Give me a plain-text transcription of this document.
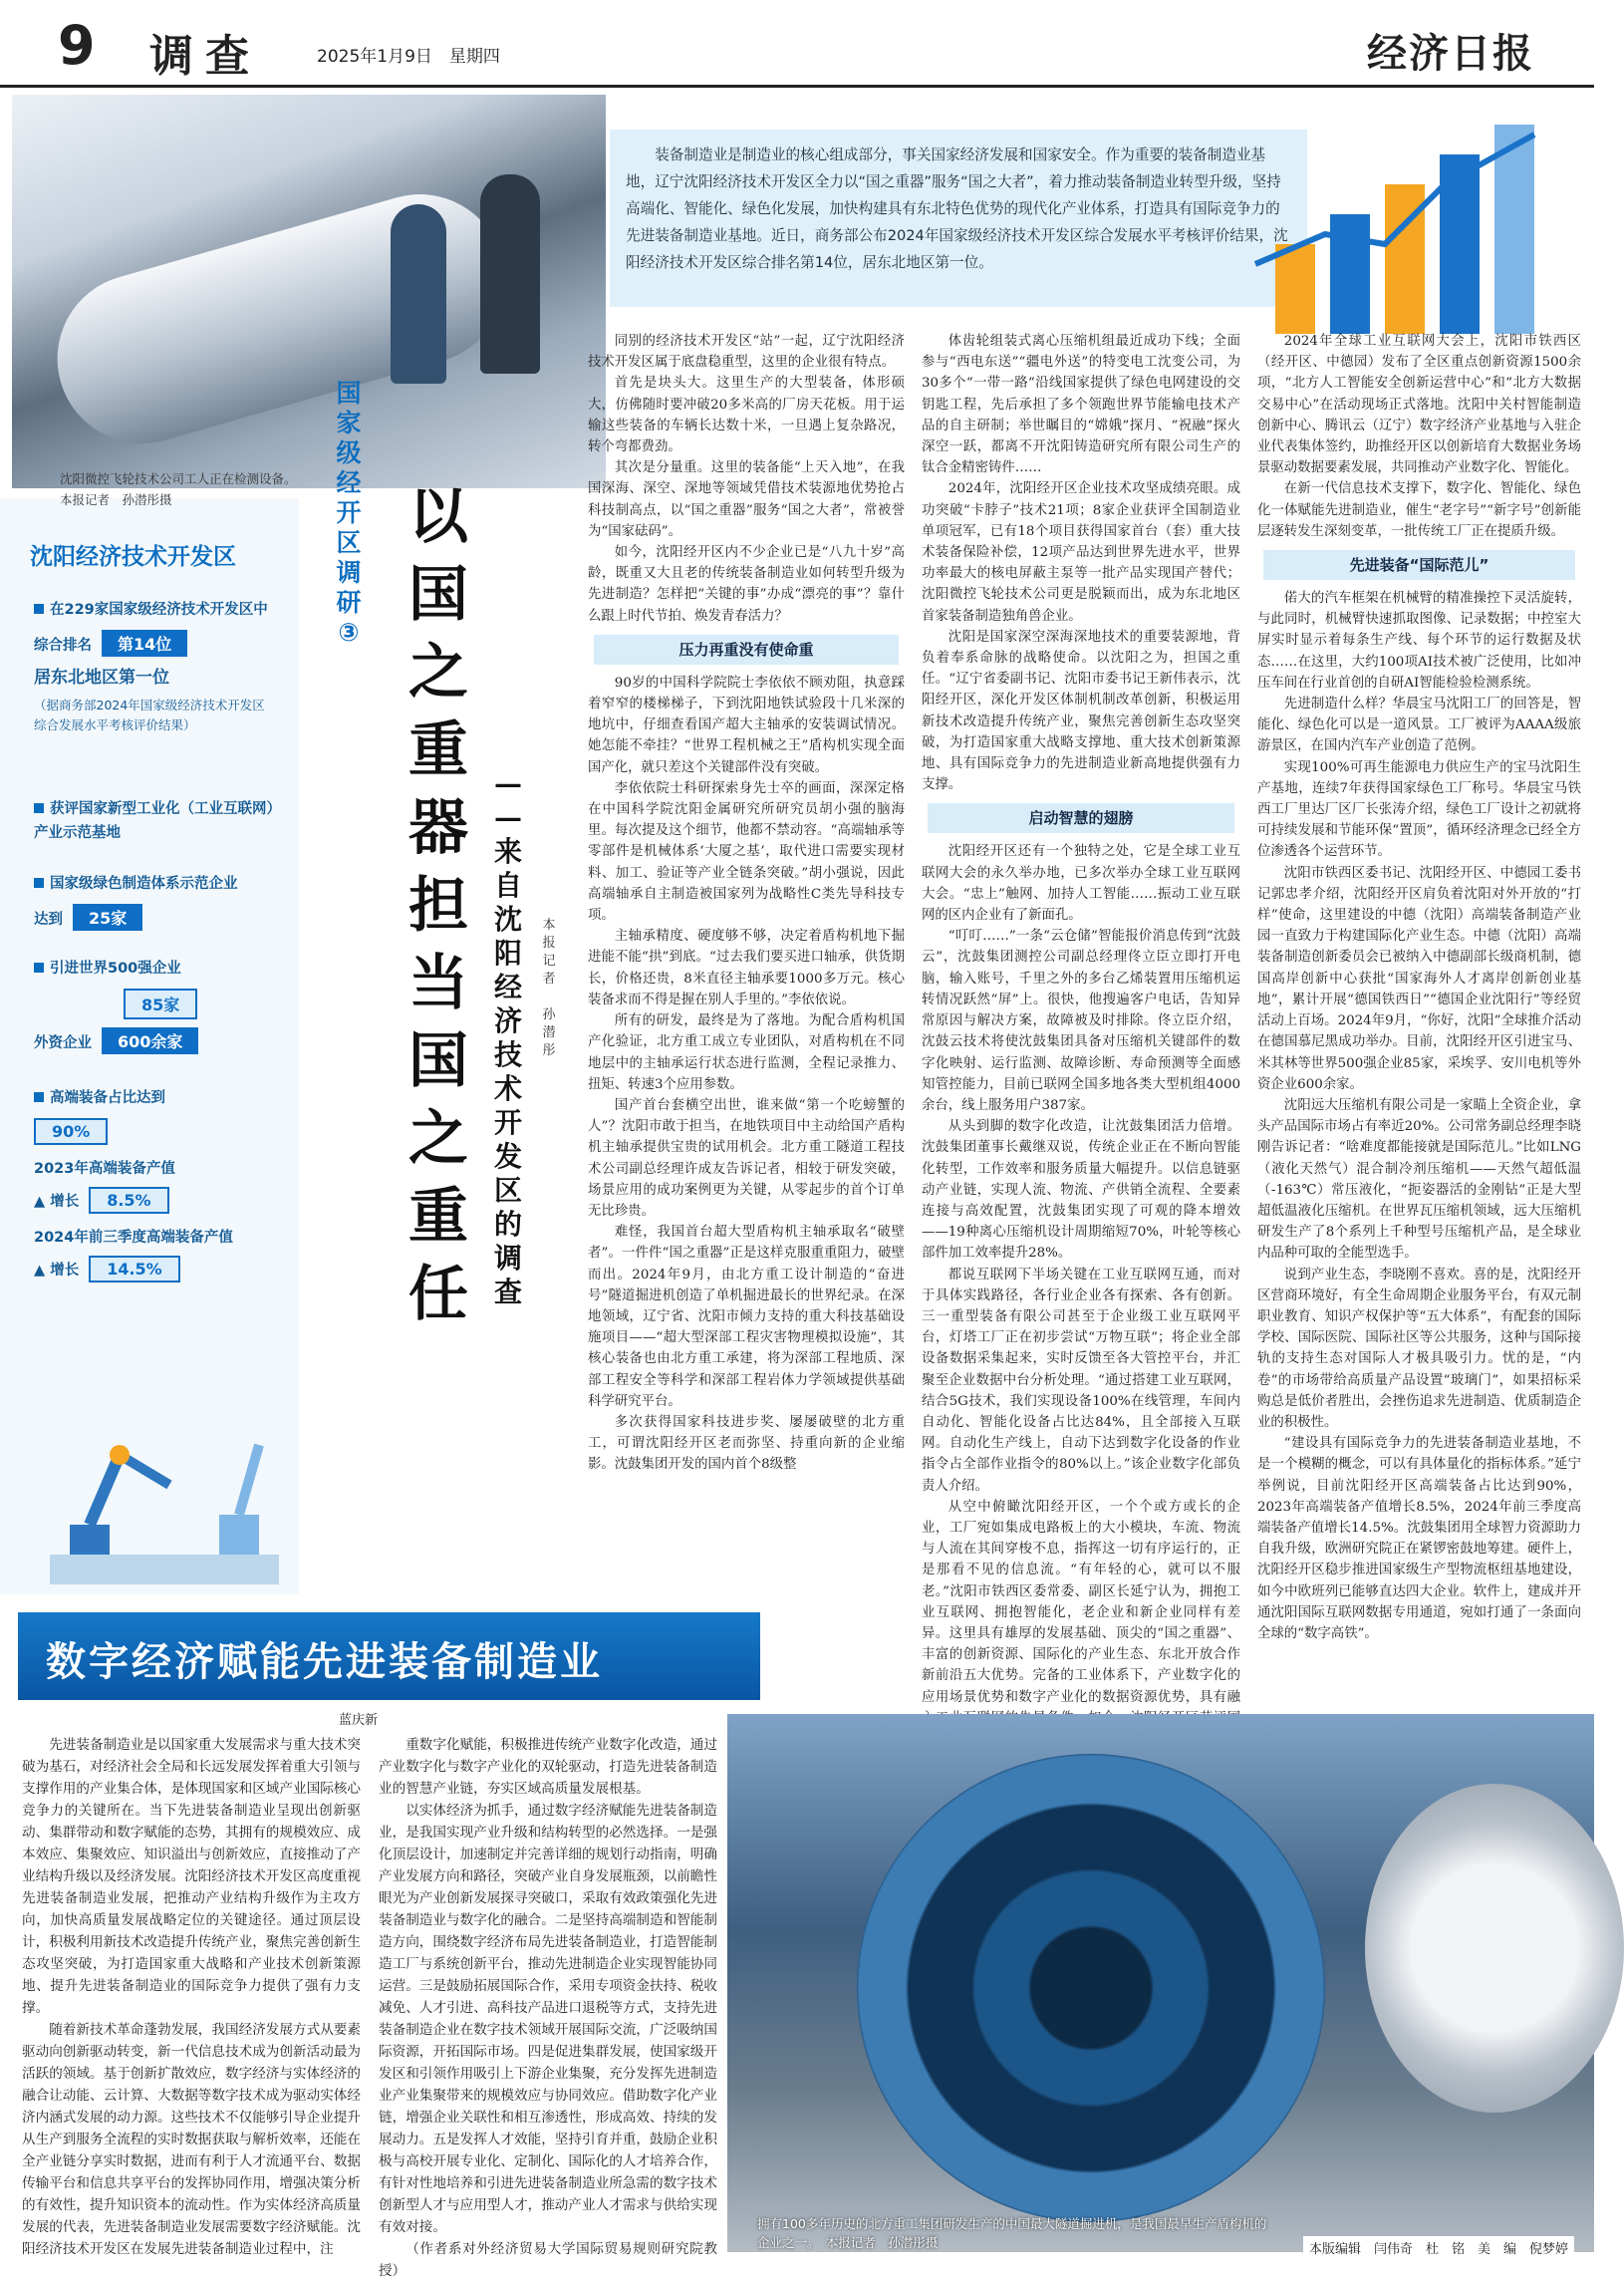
9 调查	2025年1月9日　星期四	经济日报

装备制造业是制造业的核心组成部分，事关国家经济发展和国家安全。作为重要的装备制造业基地，辽宁沈阳经济技术开发区全力以“国之重器”服务“国之大者”，着力推动装备制造业转型升级，坚持高端化、智能化、绿色化发展，加快构建具有东北特色优势的现代化产业体系，打造具有国际竞争力的先进装备制造业基地。近日，商务部公布2024年国家级经济技术开发区综合发展水平考核评价结果，沈阳经济技术开发区综合排名第14位，居东北地区第一位。

沈阳微控飞轮技术公司工人正在检测设备。　本报记者　孙潜彤摄
沈阳经济技术开发区
在229家国家级经济技术开发区中
综合排名 第14位
居东北地区第一位
（据商务部2024年国家级经济技术开发区综合发展水平考核评价结果）
获评国家新型工业化（工业互联网）产业示范基地
国家级绿色制造体系示范企业
达到 25家
引进世界500强企业
85家
外资企业 600余家
高端装备占比达到
90%
2023年高端装备产值
▲ 增长 8.5%
2024年前三季度高端装备产值
▲ 增长 14.5%
国
家
级
经
开
区
调
研
③
以
国
之
重
器
担
当
国
之
重
任
—
—
来
自
沈
阳
经
济
技
术
开
发
区
的
调
查
本
报
记
者

孙
潜
彤

同别的经济技术开发区“站”一起，辽宁沈阳经济技术开发区属于底盘稳重型，这里的企业很有特点。

首先是块头大。这里生产的大型装备，体形硕大，仿佛随时要冲破20多米高的厂房天花板。用于运输这些装备的车辆长达数十米，一旦遇上复杂路况，转个弯都费劲。

其次是分量重。这里的装备能“上天入地”，在我国深海、深空、深地等领域凭借技术装源地优势抢占科技制高点，以“国之重器”服务“国之大者”，常被誉为“国家砝码”。

如今，沈阳经开区内不少企业已是“八九十岁”高龄，既重又大且老的传统装备制造业如何转型升级为先进制造？怎样把“关键的事”办成“漂亮的事”？靠什么跟上时代节拍、焕发青春活力？

压力再重没有使命重

90岁的中国科学院院士李依依不顾劝阻，执意踩着窄窄的楼梯梯子，下到沈阳地铁试验段十几米深的地坑中，仔细查看国产超大主轴承的安装调试情况。她怎能不牵挂？“世界工程机械之王”盾构机实现全面国产化，就只差这个关键部件没有突破。

李依依院士科研探索身先士卒的画面，深深定格在中国科学院沈阳金属研究所研究员胡小强的脑海里。每次提及这个细节，他都不禁动容。“高端轴承等零部件是机械体系‘大厦之基’，取代进口需要实现材料、加工、验证等产业全链条突破。”胡小强说，因此高端轴承自主制造被国家列为战略性C类先导科技专项。

主轴承精度、硬度够不够，决定着盾构机地下掘进能不能“拱”到底。“过去我们要买进口轴承，供货期长，价格还贵，8米直径主轴承要1000多万元。核心装备求而不得是握在别人手里的。”李依依说。

所有的研发，最终是为了落地。为配合盾构机国产化验证，北方重工成立专业团队，对盾构机在不同地层中的主轴承运行状态进行监测，全程记录推力、扭矩、转速3个应用参数。

国产首台套横空出世，谁来做“第一个吃螃蟹的人”？沈阳市敢于担当，在地铁项目中主动给国产盾构机主轴承提供宝贵的试用机会。北方重工隧道工程技术公司副总经理许成友告诉记者，相较于研发突破，场景应用的成功案例更为关键，从零起步的首个订单无比珍贵。

难怪，我国首台超大型盾构机主轴承取名“破壁者”。一件件“国之重器”正是这样克服重重阻力，破壁而出。2024年9月，由北方重工设计制造的“奋进号”隧道掘进机创造了单机掘进最长的世界纪录。在深地领域，辽宁省、沈阳市倾力支持的重大科技基础设施项目——“超大型深部工程灾害物理模拟设施”，其核心装备也由北方重工承建，将为深部工程地质、深部工程安全等科学和深部工程岩体力学领域提供基础科学研究平台。

多次获得国家科技进步奖、屡屡破壁的北方重工，可谓沈阳经开区老而弥坚、持重向新的企业缩影。沈鼓集团开发的国内首个8级整

体齿轮组装式离心压缩机组最近成功下线；全面参与“西电东送”“疆电外送”的特变电工沈变公司，为30多个“一带一路”沿线国家提供了绿色电网建设的交钥匙工程，先后承担了多个领跑世界节能输电技术产品的自主研制；举世瞩目的“嫦娥”探月、“祝融”探火深空一跃，都离不开沈阳铸造研究所有限公司生产的钛合金精密铸件……

2024年，沈阳经开区企业技术攻坚成绩亮眼。成功突破“卡脖子”技术21项；8家企业获评全国制造业单项冠军，已有18个项目获得国家首台（套）重大技术装备保险补偿，12项产品达到世界先进水平，世界功率最大的核电屏蔽主泵等一批产品实现国产替代；沈阳微控飞轮技术公司更是脱颖而出，成为东北地区首家装备制造独角兽企业。

沈阳是国家深空深海深地技术的重要装源地，背负着奉系命脉的战略使命。以沈阳之为，担国之重任。“辽宁省委副书记、沈阳市委书记王新伟表示，沈阳经开区，深化开发区体制机制改革创新，积极运用新技术改造提升传统产业，聚焦完善创新生态攻坚突破，为打造国家重大战略支撑地、重大技术创新策源地、具有国际竞争力的先进制造业新高地提供强有力支撑。

启动智慧的翅膀

沈阳经开区还有一个独特之处，它是全球工业互联网大会的永久举办地，已多次举办全球工业互联网大会。“忠上”触网、加持人工智能……振动工业互联网的区内企业有了新面孔。

“叮叮……”一条“云仓储”智能报价消息传到“沈鼓云”，沈鼓集团测控公司副总经理佟立臣立即打开电脑，输入账号，千里之外的多台乙烯装置用压缩机运转情况跃然“屏”上。很快，他搜遍客户电话，告知异常原因与解决方案，故障被及时排除。佟立臣介绍，沈鼓云技术将使沈鼓集团具备对压缩机关键部件的数字化映射、运行监测、故障诊断、寿命预测等全面感知管控能力，目前已联网全国多地各类大型机组4000余台，线上服务用户387家。

从头到脚的数字化改造，让沈鼓集团活力倍增。沈鼓集团董事长戴继双说，传统企业正在不断向智能化转型，工作效率和服务质量大幅提升。以信息链驱动产业链，实现人流、物流、产供销全流程、全要素连接与高效配置，沈鼓集团实现了可观的降本增效——19种离心压缩机设计周期缩短70%，叶轮等核心部件加工效率提升28%。

都说互联网下半场关键在工业互联网互通，而对于具体实践路径，各行业企业各有探索、各有创新。三一重型装备有限公司甚至于企业级工业互联网平台，灯塔工厂正在初步尝试“万物互联”；将企业全部设备数据采集起来，实时反馈至各大管控平台，并汇聚至企业数据中台分析处理。“通过搭建工业互联网，结合5G技术，我们实现设备100%在线管理，车间内自动化、智能化设备占比达84%，且全部接入互联网。自动化生产线上，自动下达到数字化设备的作业指令占全部作业指令的80%以上。”该企业数字化部负责人介绍。

从空中俯瞰沈阳经开区，一个个或方或长的企业，工厂宛如集成电路板上的大小模块，车流、物流与人流在其间穿梭不息，指挥这一切有序运行的，正是那看不见的信息流。“有年轻的心，就可以不服老。”沈阳市铁西区委常委、副区长延宁认为，拥抱工业互联网、拥抱智能化，老企业和新企业同样有差异。这里具有雄厚的发展基础、顶尖的“国之重器”、丰富的创新资源、国际化的产业生态、东北开放合作新前沿五大优势。完备的工业体系下，产业数字化的应用场景优势和数字产业化的数据资源优势，具有融

2024年全球工业互联网大会上，沈阳市铁西区（经开区、中德园）发布了全区重点创新资源1500余项，“北方人工智能安全创新运营中心”和“北方大数据交易中心”在活动现场正式落地。沈阳中关村智能制造创新中心、腾讯云（辽宁）数字经济产业基地与入驻企业代表集体签约，助推经开区以创新培育大数据业务场景驱动数据要素发展，共同推动产业数字化、智能化。

在新一代信息技术支撑下，数字化、智能化、绿色化一体赋能先进制造业，催生“老字号”“新字号”创新能层逐转发生深刻变革，一批传统工厂正在提质升级。

先进装备“国际范儿”

偌大的汽车框架在机械臂的精准操控下灵活旋转，与此同时，机械臂快速抓取图像、记录数据；中控室大屏实时显示着每条生产线、每个环节的运行数据及状态……在这里，大约100项AI技术被广泛使用，比如冲压车间在行业首创的自研AI智能检验检测系统。

先进制造什么样？华晨宝马沈阳工厂的回答是，智能化、绿色化可以是一道风景。工厂被评为AAAA级旅游景区，在国内汽车产业创造了范例。

实现100%可再生能源电力供应生产的宝马沈阳生产基地，连续7年获得国家绿色工厂称号。华晨宝马铁西工厂里达厂区厂长张涛介绍，绿色工厂设计之初就将可持续发展和节能环保“置顶”，循环经济理念已经全方位渗透各个运营环节。

沈阳市铁西区委书记、沈阳经开区、中德园工委书记郭忠孝介绍，沈阳经开区肩负着沈阳对外开放的“打样”使命，这里建设的中德（沈阳）高端装备制造产业园一直致力于构建国际化产业生态。中德（沈阳）高端装备制造创新委员会已被纳入中德副部长级商机制，德国高岸创新中心获批“国家海外人才离岸创新创业基地”，累计开展“德国铁西日”“德国企业沈阳行”等经贸活动上百场。2024年9月，“你好，沈阳”全球推介活动在德国慕尼黑成功举办。目前，沈阳经开区引进宝马、米其林等世界500强企业85家，采埃孚、安川电机等外资企业600余家。

沈阳远大压缩机有限公司是一家瞄上全资企业，拿头产品国际市场占有率近20%。公司常务副总经理李晓刚告诉记者：“啥难度都能接就是国际范儿。”比如LNG（液化天然气）混合制冷剂压缩机——天然气超低温（-163℃）常压液化，“扼姿器活的金刚钻”正是大型超低温液化压缩机。在世界瓦压缩机领域，远大压缩机研发生产了8个系列上千种型号压缩机产品，是全球业内品种可取的全能型选手。

说到产业生态，李晓刚不喜欢。喜的是，沈阳经开区营商环境好，有全生命周期企业服务平台，有双元制职业教育、知识产权保护等“五大体系”，有配套的国际学校、国际医院、国际社区等公共服务，这种与国际接轨的支持生态对国际人才极具吸引力。忧的是，“内卷”的市场带给高质量产品设置“玻璃门”，如果招标采购总是低价者胜出，会挫伤追求先进制造、优质制造企业的积极性。

“建设具有国际竞争力的先进装备制造业基地，不是一个模糊的概念，可以有具体量化的指标体系。”延宁举例说，目前沈阳经开区高端装备占比达到90%，2023年高端装备产值增长8.5%，2024年前三季度高端装备产值增长14.5%。沈鼓集团用全球智力资源助力自我升级，欧洲研究院正在紧锣密鼓地筹建。硬件上，沈阳经开区稳步推进国家级生产型物流枢纽基地建设，如今中欧班列已能够直达四大企业。软件上，建成并开通沈阳国际互联网数据专用通道，宛如打通了一条面向全球的“数字高铁”。

数字经济赋能先进装备制造业
蓝庆新

先进装备制造业是以国家重大发展需求与重大技术突破为基石，对经济社会全局和长远发展发挥着重大引领与支撑作用的产业集合体，是体现国家和区域产业国际核心竞争力的关键所在。当下先进装备制造业呈现出创新驱动、集群带动和数字赋能的态势，其拥有的规模效应、成本效应、集聚效应、知识溢出与创新效应，直接推动了产业结构升级以及经济发展。沈阳经济技术开发区高度重视先进装备制造业发展，把推动产业结构升级作为主攻方向，加快高质量发展战略定位的关键途径。通过顶层设计，积极利用新技术改造提升传统产业，聚焦完善创新生态攻坚突破，为打造国家重大战略和产业技术创新策源地、提升先进装备制造业的国际竞争力提供了强有力支撑。

随着新技术革命蓬勃发展，我国经济发展方式从要素驱动向创新驱动转变，新一代信息技术成为创新活动最为活跃的领域。基于创新扩散效应，数字经济与实体经济的融合让动能、云计算、大数据等数字技术成为驱动实体经济内涵式发展的动力源。这些技术不仅能够引导企业提升从生产到服务全流程的实时数据获取与解析效率，还能在全产业链分享实时数据，进而有利于人才流通平台、数据传输平台和信息共享平台的发挥协同作用，增强决策分析的有效性，提升知识资本的流动性。作为实体经济高质量发展的代表，先进装备制造业发展需要数字经济赋能。沈阳经济技术开发区在发展先进装备制造业过程中，注

重数字化赋能，积极推进传统产业数字化改造，通过产业数字化与数字产业化的双轮驱动，打造先进装备制造业的智慧产业链，夯实区域高质量发展根基。

以实体经济为抓手，通过数字经济赋能先进装备制造业，是我国实现产业升级和结构转型的必然选择。一是强化顶层设计，加速制定并完善详细的规划行动指南，明确产业发展方向和路径，突破产业自身发展瓶颈，以前瞻性眼光为产业创新发展探寻突破口，采取有效政策强化先进装备制造业与数字化的融合。二是坚持高端制造和智能制造方向，围绕数字经济布局先进装备制造业，打造智能制造工厂与系统创新平台，推动先进制造企业实现智能协同运营。三是鼓励拓展国际合作，采用专项资金扶持、税收减免、人才引进、高科技产品进口退税等方式，支持先进装备制造企业在数字技术领域开展国际交流，广泛吸纳国际资源，开拓国际市场。四是促进集群发展，使国家级开发区和引领作用吸引上下游企业集聚，充分发挥先进制造业产业集聚带来的规模效应与协同效应。借助数字化产业链，增强企业关联性和相互渗透性，形成高效、持续的发展动力。五是发挥人才效能，坚持引育并重，鼓励企业积极与高校开展专业化、定制化、国际化的人才培养合作，有针对性地培养和引进先进装备制造业所急需的数字技术创新型人才与应用型人才，推动产业人才需求与供给实现有效对接。

（作者系对外经济贸易大学国际贸易规则研究院教授）

拥有100多年历史的北方重工集团研发生产的中国最大隧道掘进机，是我国最早生产盾构机的企业之一。　本报记者　孙潜彤摄	本版编辑　闫伟奇　杜　铭　美　编　倪梦婷
